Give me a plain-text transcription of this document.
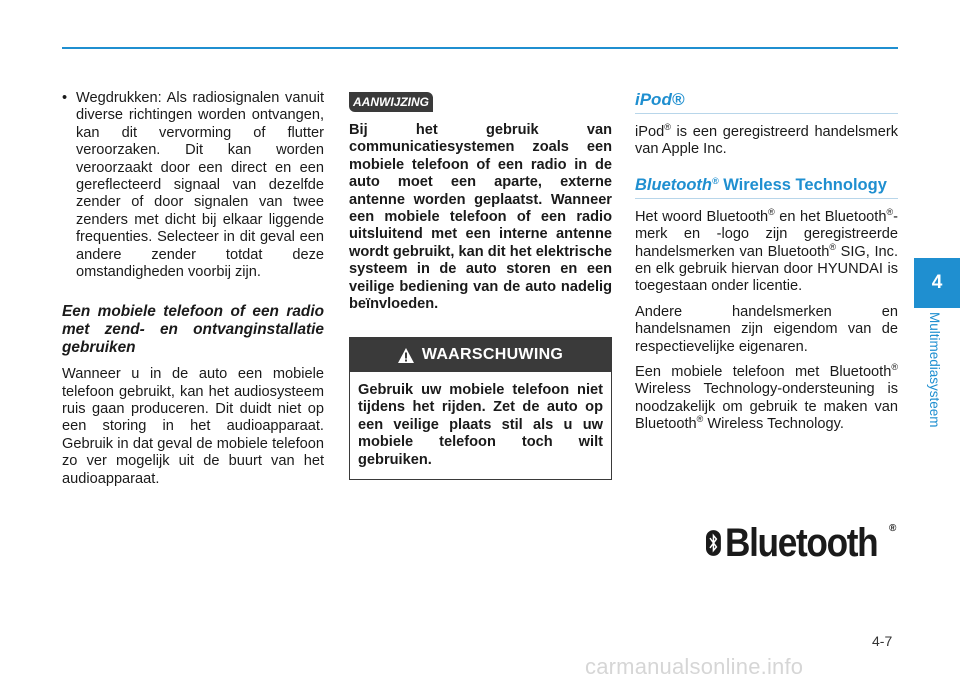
• Wegdrukken: Als radiosignalen vanuit diverse richtingen worden ontvangen, kan dit vervorming of flutter veroorzaken. Dit kan worden veroorzaakt door een direct en een gereflecteerd signaal van dezelfde zender of door signalen van twee zenders met dicht bij elkaar liggende frequenties. Selecteer in dit geval een andere zender totdat deze omstandigheden voorbij zijn.
Een mobiele telefoon of een radio met zend- en ontvanginstallatie gebruiken

Wanneer u in de auto een mobiele telefoon gebruikt, kan het audiosysteem ruis gaan produceren. Dit duidt niet op een storing in het audioapparaat. Gebruik in dat geval de mobiele telefoon zo ver mogelijk uit de buurt van het audioapparaat.

AANWIJZING
Bij het gebruik van communicatiesystemen zoals een mobiele telefoon of een radio in de auto moet een aparte, externe antenne worden geplaatst. Wanneer een mobiele telefoon of een radio uitsluitend met een interne antenne wordt gebruikt, kan dit het elektrische systeem in de auto storen en een veilige bediening van de auto nadelig beïnvloeden.
WAARSCHUWING
Gebruik uw mobiele telefoon niet tijdens het rijden. Zet de auto op een veilige plaats stil als u uw mobiele telefoon toch wilt gebruiken.
iPod®

iPod® is een geregistreerd handelsmerk van Apple Inc.

Bluetooth® Wireless Technology

Het woord Bluetooth® en het Bluetooth®-merk en -logo zijn geregistreerde handelsmerken van Bluetooth® SIG, Inc. en elk gebruik hiervan door HYUNDAI is toegestaan onder licentie.

Andere handelsmerken en handelsnamen zijn eigendom van de respectievelijke eigenaren.

Een mobiele telefoon met Bluetooth® Wireless Technology-ondersteuning is noodzakelijk om gebruik te maken van Bluetooth® Wireless Technology.

Bluetooth ®
4
Multimediasysteem
4-7
carmanualsonline.info
